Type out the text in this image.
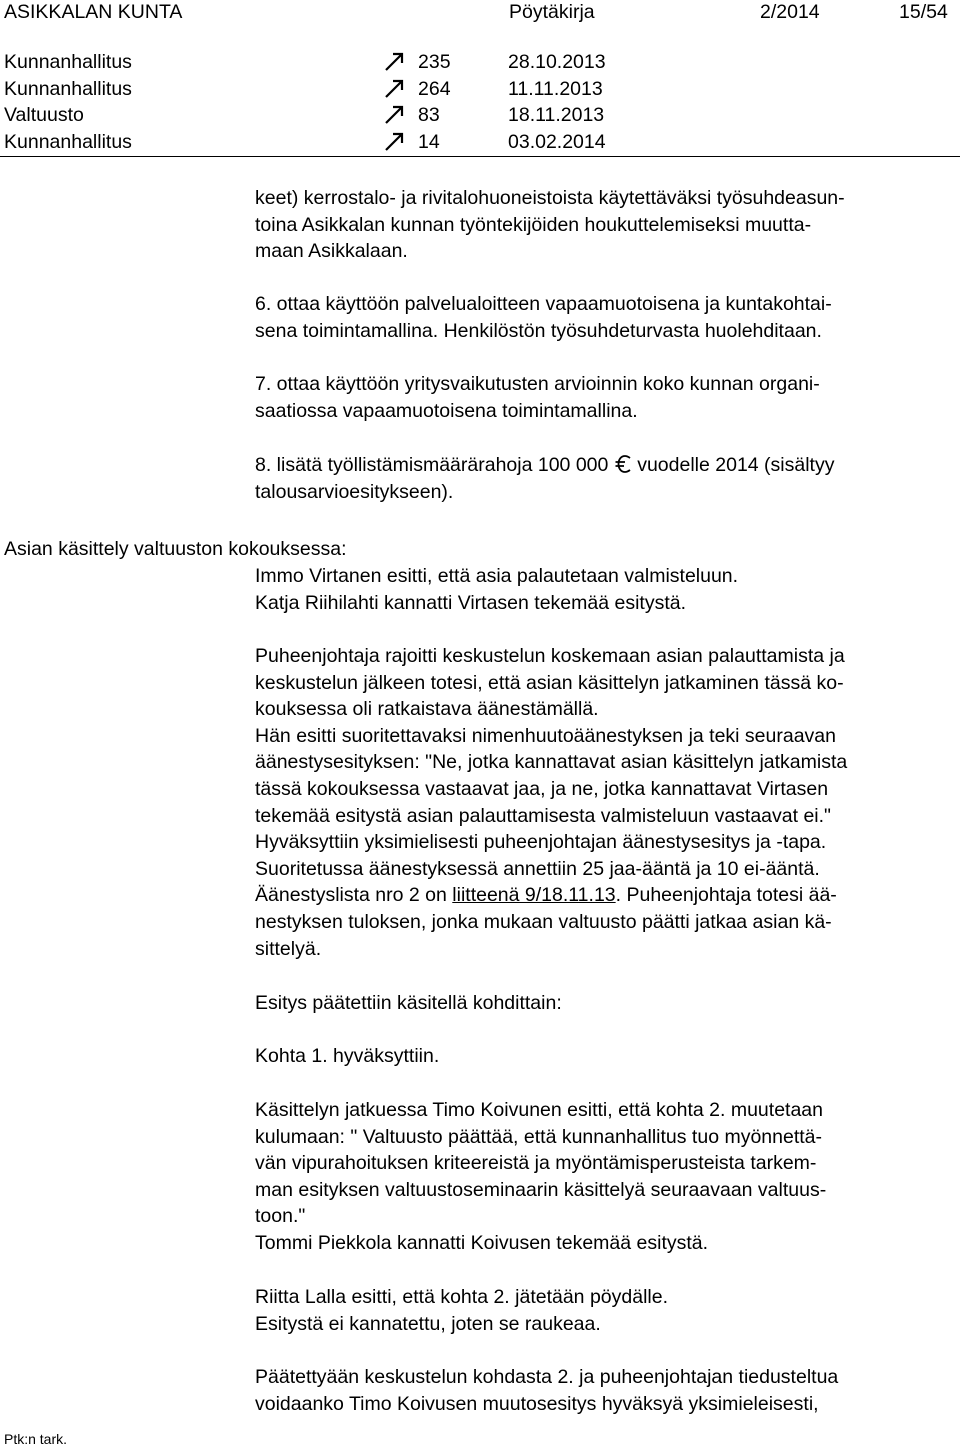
ASIKKALAN KUNTA	Pöytäkirja	2/2014	15/54
Kunnanhallitus	235	28.10.2013
Kunnanhallitus	264	11.11.2013
Valtuusto	83	18.11.2013
Kunnanhallitus	14	03.02.2014
keet) kerrostalo- ja rivitalohuoneistoista käytettäväksi työsuhdeasun-
toina Asikkalan kunnan työntekijöiden houkuttelemiseksi muutta-
maan Asikkalaan.
6. ottaa käyttöön palvelualoitteen vapaamuotoisena ja kuntakohtai-
sena toimintamallina. Henkilöstön työsuhdeturvasta huolehditaan.
7. ottaa käyttöön yritysvaikutusten arvioinnin koko kunnan organi-
saatiossa vapaamuotoisena toimintamallina.
8. lisätä työllistämismäärärahoja 100 000 vuodelle 2014 (sisältyy
talousarvioesitykseen).
Asian käsittely valtuuston kokouksessa:
Immo Virtanen esitti, että asia palautetaan valmisteluun.
Katja Riihilahti kannatti Virtasen tekemää esitystä.
Puheenjohtaja rajoitti keskustelun koskemaan asian palauttamista ja
keskustelun jälkeen totesi, että asian käsittelyn jatkaminen tässä ko-
kouksessa oli ratkaistava äänestämällä.
Hän esitti suoritettavaksi nimenhuutoäänestyksen ja teki seuraavan
äänestysesityksen: "Ne, jotka kannattavat asian käsittelyn jatkamista
tässä kokouksessa vastaavat jaa, ja ne, jotka kannattavat Virtasen
tekemää esitystä asian palauttamisesta valmisteluun vastaavat ei."
Hyväksyttiin yksimielisesti puheenjohtajan äänestysesitys ja -tapa.
Suoritetussa äänestyksessä annettiin 25 jaa-ääntä ja 10 ei-ääntä.
Äänestyslista nro 2 on liitteenä 9/18.11.13. Puheenjohtaja totesi ää-
nestyksen tuloksen, jonka mukaan valtuusto päätti jatkaa asian kä-
sittelyä.
Esitys päätettiin käsitellä kohdittain:
Kohta 1. hyväksyttiin.
Käsittelyn jatkuessa Timo Koivunen esitti, että kohta 2. muutetaan
kulumaan: " Valtuusto päättää, että kunnanhallitus tuo myönnettä-
vän vipurahoituksen kriteereistä ja myöntämisperusteista tarkem-
man esityksen valtuustoseminaarin käsittelyä seuraavaan valtuus-
toon."
Tommi Piekkola kannatti Koivusen tekemää esitystä.
Riitta Lalla esitti, että kohta 2. jätetään pöydälle.
Esitystä ei kannatettu, joten se raukeaa.
Päätettyään keskustelun kohdasta 2. ja puheenjohtajan tiedusteltua
voidaanko Timo Koivusen muutosesitys hyväksyä yksimieleisesti,
Ptk:n tark.
